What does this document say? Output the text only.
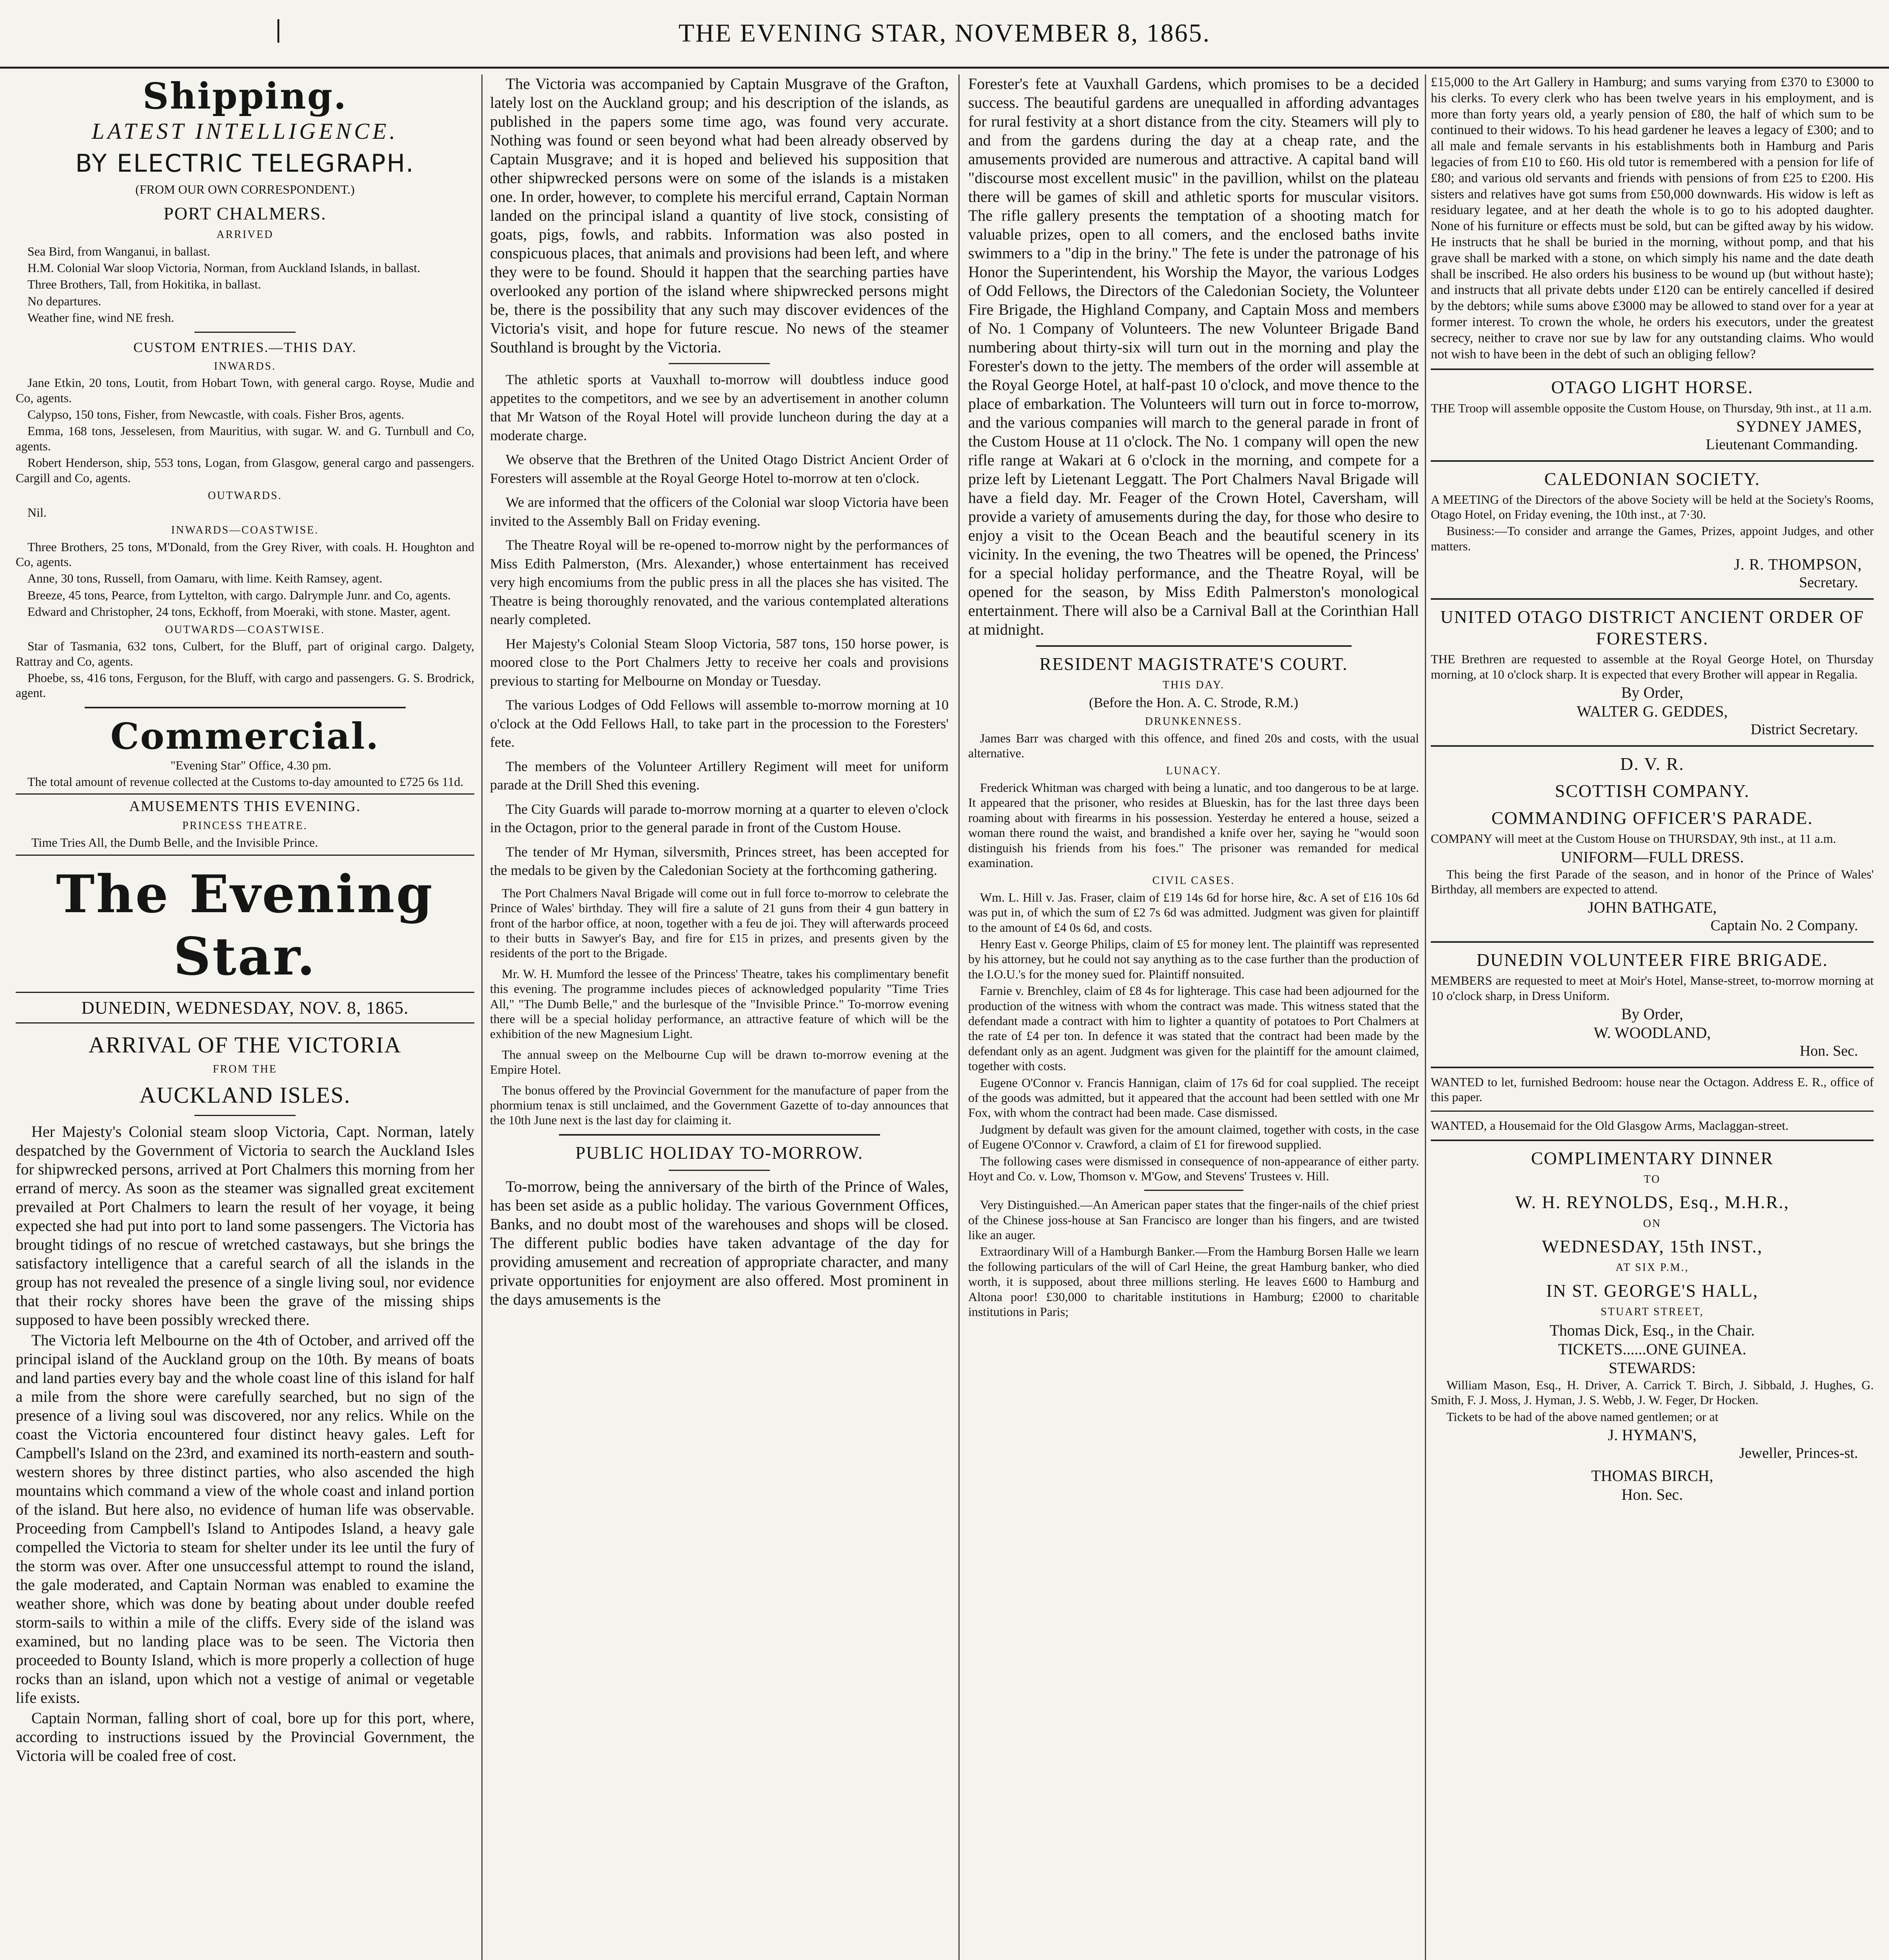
|	THE EVENING STAR, NOVEMBER 8, 1865.
Shipping.
LATEST INTELLIGENCE.
BY ELECTRIC TELEGRAPH.
(FROM OUR OWN CORRESPONDENT.)
PORT CHALMERS.
ARRIVED

Sea Bird, from Wanganui, in ballast.

H.M. Colonial War sloop Victoria, Norman, from Auckland Islands, in ballast.

Three Brothers, Tall, from Hokitika, in ballast.

No departures.

Weather fine, wind NE fresh.

CUSTOM ENTRIES.—THIS DAY.
INWARDS.

Jane Etkin, 20 tons, Loutit, from Hobart Town, with general cargo. Royse, Mudie and Co, agents.

Calypso, 150 tons, Fisher, from Newcastle, with coals. Fisher Bros, agents.

Emma, 168 tons, Jesselesen, from Mauritius, with sugar. W. and G. Turnbull and Co, agents.

Robert Henderson, ship, 553 tons, Logan, from Glasgow, general cargo and passengers. Cargill and Co, agents.

OUTWARDS.

Nil.

INWARDS—COASTWISE.

Three Brothers, 25 tons, M'Donald, from the Grey River, with coals. H. Houghton and Co, agents.

Anne, 30 tons, Russell, from Oamaru, with lime. Keith Ramsey, agent.

Breeze, 45 tons, Pearce, from Lyttelton, with cargo. Dalrymple Junr. and Co, agents.

Edward and Christopher, 24 tons, Eckhoff, from Moeraki, with stone. Master, agent.

OUTWARDS—COASTWISE.

Star of Tasmania, 632 tons, Culbert, for the Bluff, part of original cargo. Dalgety, Rattray and Co, agents.

Phoebe, ss, 416 tons, Ferguson, for the Bluff, with cargo and passengers. G. S. Brodrick, agent.

Commercial.

"Evening Star" Office, 4.30 pm.

The total amount of revenue collected at the Customs to-day amounted to £725 6s 11d.

AMUSEMENTS THIS EVENING.
PRINCESS THEATRE.

Time Tries All, the Dumb Belle, and the Invisible Prince.

The Evening Star.
DUNEDIN, WEDNESDAY, NOV. 8, 1865.
ARRIVAL OF THE VICTORIA
FROM THE
AUCKLAND ISLES.

Her Majesty's Colonial steam sloop Victoria, Capt. Norman, lately despatched by the Government of Victoria to search the Auckland Isles for shipwrecked persons, arrived at Port Chalmers this morning from her errand of mercy. As soon as the steamer was signalled great excitement prevailed at Port Chalmers to learn the result of her voyage, it being expected she had put into port to land some passengers. The Victoria has brought tidings of no rescue of wretched castaways, but she brings the satisfactory intelligence that a careful search of all the islands in the group has not revealed the presence of a single living soul, nor evidence that their rocky shores have been the grave of the missing ships supposed to have been possibly wrecked there.

The Victoria left Melbourne on the 4th of October, and arrived off the principal island of the Auckland group on the 10th. By means of boats and land parties every bay and the whole coast line of this island for half a mile from the shore were carefully searched, but no sign of the presence of a living soul was discovered, nor any relics. While on the coast the Victoria encountered four distinct heavy gales. Left for Campbell's Island on the 23rd, and examined its north-eastern and south-western shores by three distinct parties, who also ascended the high mountains which command a view of the whole coast and inland portion of the island. But here also, no evidence of human life was observable. Proceeding from Campbell's Island to Antipodes Island, a heavy gale compelled the Victoria to steam for shelter under its lee until the fury of the storm was over. After one unsuccessful attempt to round the island, the gale moderated, and Captain Norman was enabled to examine the weather shore, which was done by beating about under double reefed storm-sails to within a mile of the cliffs. Every side of the island was examined, but no landing place was to be seen. The Victoria then proceeded to Bounty Island, which is more properly a collection of huge rocks than an island, upon which not a vestige of animal or vegetable life exists.

Captain Norman, falling short of coal, bore up for this port, where, according to instructions issued by the Provincial Government, the Victoria will be coaled free of cost.

The Victoria was accompanied by Captain Musgrave of the Grafton, lately lost on the Auckland group; and his description of the islands, as published in the papers some time ago, was found very accurate. Nothing was found or seen beyond what had been already observed by Captain Musgrave; and it is hoped and believed his supposition that other shipwrecked persons were on some of the islands is a mistaken one. In order, however, to complete his merciful errand, Captain Norman landed on the principal island a quantity of live stock, consisting of goats, pigs, fowls, and rabbits. Information was also posted in conspicuous places, that animals and provisions had been left, and where they were to be found. Should it happen that the searching parties have overlooked any portion of the island where shipwrecked persons might be, there is the possibility that any such may discover evidences of the Victoria's visit, and hope for future rescue. No news of the steamer Southland is brought by the Victoria.

The athletic sports at Vauxhall to-morrow will doubtless induce good appetites to the competitors, and we see by an advertisement in another column that Mr Watson of the Royal Hotel will provide luncheon during the day at a moderate charge.

We observe that the Brethren of the United Otago District Ancient Order of Foresters will assemble at the Royal George Hotel to-morrow at ten o'clock.

We are informed that the officers of the Colonial war sloop Victoria have been invited to the Assembly Ball on Friday evening.

The Theatre Royal will be re-opened to-morrow night by the performances of Miss Edith Palmerston, (Mrs. Alexander,) whose entertainment has received very high encomiums from the public press in all the places she has visited. The Theatre is being thoroughly renovated, and the various contemplated alterations nearly completed.

Her Majesty's Colonial Steam Sloop Victoria, 587 tons, 150 horse power, is moored close to the Port Chalmers Jetty to receive her coals and provisions previous to starting for Melbourne on Monday or Tuesday.

The various Lodges of Odd Fellows will assemble to-morrow morning at 10 o'clock at the Odd Fellows Hall, to take part in the procession to the Foresters' fete.

The members of the Volunteer Artillery Regiment will meet for uniform parade at the Drill Shed this evening.

The City Guards will parade to-morrow morning at a quarter to eleven o'clock in the Octagon, prior to the general parade in front of the Custom House.

The tender of Mr Hyman, silversmith, Princes street, has been accepted for the medals to be given by the Caledonian Society at the forthcoming gathering.

The Port Chalmers Naval Brigade will come out in full force to-morrow to celebrate the Prince of Wales' birthday. They will fire a salute of 21 guns from their 4 gun battery in front of the harbor office, at noon, together with a feu de joi. They will afterwards proceed to their butts in Sawyer's Bay, and fire for £15 in prizes, and presents given by the residents of the port to the Brigade.

Mr. W. H. Mumford the lessee of the Princess' Theatre, takes his complimentary benefit this evening. The programme includes pieces of acknowledged popularity "Time Tries All," "The Dumb Belle," and the burlesque of the "Invisible Prince." To-morrow evening there will be a special holiday performance, an attractive feature of which will be the exhibition of the new Magnesium Light.

The annual sweep on the Melbourne Cup will be drawn to-morrow evening at the Empire Hotel.

The bonus offered by the Provincial Government for the manufacture of paper from the phormium tenax is still unclaimed, and the Government Gazette of to-day announces that the 10th June next is the last day for claiming it.

PUBLIC HOLIDAY TO-MORROW.

To-morrow, being the anniversary of the birth of the Prince of Wales, has been set aside as a public holiday. The various Government Offices, Banks, and no doubt most of the warehouses and shops will be closed. The different public bodies have taken advantage of the day for providing amusement and recreation of appropriate character, and many private opportunities for enjoyment are also offered. Most prominent in the days amusements is the

Forester's fete at Vauxhall Gardens, which promises to be a decided success. The beautiful gardens are unequalled in affording advantages for rural festivity at a short distance from the city. Steamers will ply to and from the gardens during the day at a cheap rate, and the amusements provided are numerous and attractive. A capital band will "discourse most excellent music" in the pavillion, whilst on the plateau there will be games of skill and athletic sports for muscular visitors. The rifle gallery presents the temptation of a shooting match for valuable prizes, open to all comers, and the enclosed baths invite swimmers to a "dip in the briny." The fete is under the patronage of his Honor the Superintendent, his Worship the Mayor, the various Lodges of Odd Fellows, the Directors of the Caledonian Society, the Volunteer Fire Brigade, the Highland Company, and Captain Moss and members of No. 1 Company of Volunteers. The new Volunteer Brigade Band numbering about thirty-six will turn out in the morning and play the Forester's down to the jetty. The members of the order will assemble at the Royal George Hotel, at half-past 10 o'clock, and move thence to the place of embarkation. The Volunteers will turn out in force to-morrow, and the various companies will march to the general parade in front of the Custom House at 11 o'clock. The No. 1 company will open the new rifle range at Wakari at 6 o'clock in the morning, and compete for a prize left by Lietenant Leggatt. The Port Chalmers Naval Brigade will have a field day. Mr. Feager of the Crown Hotel, Caversham, will provide a variety of amusements during the day, for those who desire to enjoy a visit to the Ocean Beach and the beautiful scenery in its vicinity. In the evening, the two Theatres will be opened, the Princess' for a special holiday performance, and the Theatre Royal, will be opened for the season, by Miss Edith Palmerston's monological entertainment. There will also be a Carnival Ball at the Corinthian Hall at midnight.

RESIDENT MAGISTRATE'S COURT.
THIS DAY.
(Before the Hon. A. C. Strode, R.M.)
DRUNKENNESS.

James Barr was charged with this offence, and fined 20s and costs, with the usual alternative.

LUNACY.

Frederick Whitman was charged with being a lunatic, and too dangerous to be at large. It appeared that the prisoner, who resides at Blueskin, has for the last three days been roaming about with firearms in his possession. Yesterday he entered a house, seized a woman there round the waist, and brandished a knife over her, saying he "would soon distinguish his friends from his foes." The prisoner was remanded for medical examination.

CIVIL CASES.

Wm. L. Hill v. Jas. Fraser, claim of £19 14s 6d for horse hire, &c. A set of £16 10s 6d was put in, of which the sum of £2 7s 6d was admitted. Judgment was given for plaintiff to the amount of £4 0s 6d, and costs.

Henry East v. George Philips, claim of £5 for money lent. The plaintiff was represented by his attorney, but he could not say anything as to the case further than the production of the I.O.U.'s for the money sued for. Plaintiff nonsuited.

Farnie v. Brenchley, claim of £8 4s for lighterage. This case had been adjourned for the production of the witness with whom the contract was made. This witness stated that the defendant made a contract with him to lighter a quantity of potatoes to Port Chalmers at the rate of £4 per ton. In defence it was stated that the contract had been made by the defendant only as an agent. Judgment was given for the plaintiff for the amount claimed, together with costs.

Eugene O'Connor v. Francis Hannigan, claim of 17s 6d for coal supplied. The receipt of the goods was admitted, but it appeared that the account had been settled with one Mr Fox, with whom the contract had been made. Case dismissed.

Judgment by default was given for the amount claimed, together with costs, in the case of Eugene O'Connor v. Crawford, a claim of £1 for firewood supplied.

The following cases were dismissed in consequence of non-appearance of either party. Hoyt and Co. v. Low, Thomson v. M'Gow, and Stevens' Trustees v. Hill.

Very Distinguished.—An American paper states that the finger-nails of the chief priest of the Chinese joss-house at San Francisco are longer than his fingers, and are twisted like an auger.

Extraordinary Will of a Hamburgh Banker.—From the Hamburg Borsen Halle we learn the following particulars of the will of Carl Heine, the great Hamburg banker, who died worth, it is supposed, about three millions sterling. He leaves £600 to Hamburg and Altona poor! £30,000 to charitable institutions in Hamburg; £2000 to charitable institutions in Paris;

£15,000 to the Art Gallery in Hamburg; and sums varying from £370 to £3000 to his clerks. To every clerk who has been twelve years in his employment, and is more than forty years old, a yearly pension of £80, the half of which sum to be continued to their widows. To his head gardener he leaves a legacy of £300; and to all male and female servants in his establishments both in Hamburg and Paris legacies of from £10 to £60. His old tutor is remembered with a pension for life of £80; and various old servants and friends with pensions of from £25 to £200. His sisters and relatives have got sums from £50,000 downwards. His widow is left as residuary legatee, and at her death the whole is to go to his adopted daughter. None of his furniture or effects must be sold, but can be gifted away by his widow. He instructs that he shall be buried in the morning, without pomp, and that his grave shall be marked with a stone, on which simply his name and the date death shall be inscribed. He also orders his business to be wound up (but without haste); and instructs that all private debts under £120 can be entirely cancelled if desired by the debtors; while sums above £3000 may be allowed to stand over for a year at former interest. To crown the whole, he orders his executors, under the greatest secrecy, neither to crave nor sue by law for any outstanding claims. Who would not wish to have been in the debt of such an obliging fellow?

OTAGO LIGHT HORSE.

THE Troop will assemble opposite the Custom House, on Thursday, 9th inst., at 11 a.m.

SYDNEY JAMES,
Lieutenant Commanding.
CALEDONIAN SOCIETY.

A MEETING of the Directors of the above Society will be held at the Society's Rooms, Otago Hotel, on Friday evening, the 10th inst., at 7·30.

Business:—To consider and arrange the Games, Prizes, appoint Judges, and other matters.

J. R. THOMPSON,
Secretary.
UNITED OTAGO DISTRICT ANCIENT ORDER OF FORESTERS.

THE Brethren are requested to assemble at the Royal George Hotel, on Thursday morning, at 10 o'clock sharp. It is expected that every Brother will appear in Regalia.

By Order,
WALTER G. GEDDES,
District Secretary.
D. V. R.
SCOTTISH COMPANY.
COMMANDING OFFICER'S PARADE.

COMPANY will meet at the Custom House on THURSDAY, 9th inst., at 11 a.m.

UNIFORM—FULL DRESS.

This being the first Parade of the season, and in honor of the Prince of Wales' Birthday, all members are expected to attend.

JOHN BATHGATE,
Captain No. 2 Company.
DUNEDIN VOLUNTEER FIRE BRIGADE.

MEMBERS are requested to meet at Moir's Hotel, Manse-street, to-morrow morning at 10 o'clock sharp, in Dress Uniform.

By Order,
W. WOODLAND,
Hon. Sec.

WANTED to let, furnished Bedroom: house near the Octagon. Address E. R., office of this paper.

WANTED, a Housemaid for the Old Glasgow Arms, Maclaggan-street.

COMPLIMENTARY DINNER
TO
W. H. REYNOLDS, Esq., M.H.R.,
ON
WEDNESDAY, 15th INST.,
AT SIX P.M.,
IN ST. GEORGE'S HALL,
STUART STREET,
Thomas Dick, Esq., in the Chair.
TICKETS......ONE GUINEA.
STEWARDS:

William Mason, Esq., H. Driver, A. Carrick T. Birch, J. Sibbald, J. Hughes, G. Smith, F. J. Moss, J. Hyman, J. S. Webb, J. W. Feger, Dr Hocken.

Tickets to be had of the above named gentlemen; or at

J. HYMAN'S,
Jeweller, Princes-st.
THOMAS BIRCH,
Hon. Sec.
